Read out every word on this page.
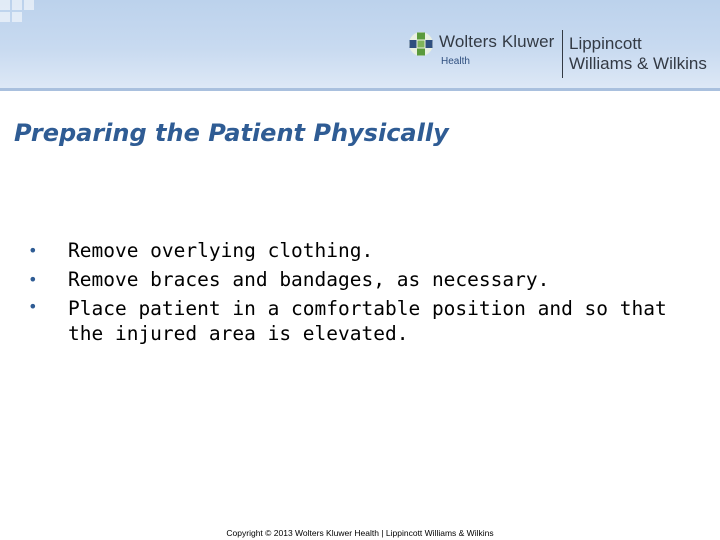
Wolters Kluwer
Health
Lippincott
Williams & Wilkins
Preparing the Patient Physically
• Remove overlying clothing.
• Remove braces and bandages, as necessary.
• Place patient in a comfortable position and so that the injured area is elevated.
Copyright © 2013 Wolters Kluwer Health | Lippincott Williams & Wilkins
